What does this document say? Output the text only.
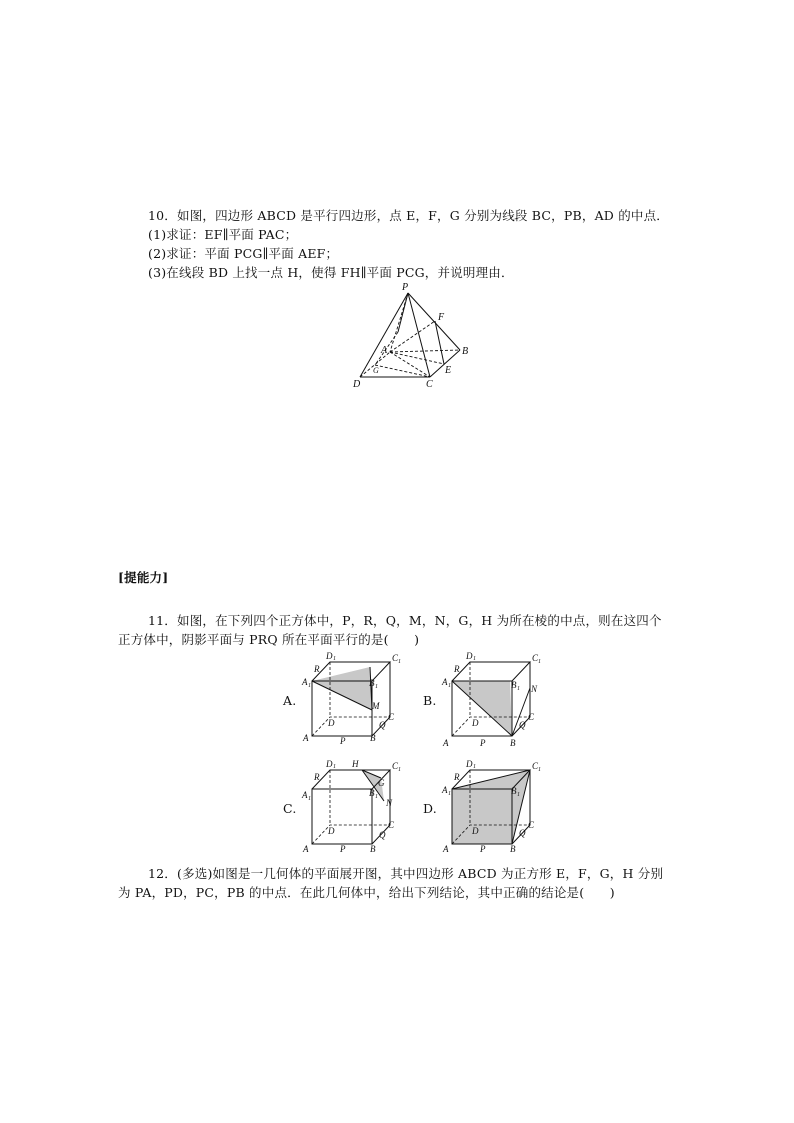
10．如图，四边形 ABCD 是平行四边形，点 E，F，G 分别为线段 BC，PB，AD 的中点．
(1)求证：EF∥平面 PAC；
(2)求证：平面 PCG∥平面 AEF；
(3)在线段 BD 上找一点 H，使得 FH∥平面 PCG，并说明理由．
P
F
A
G
B
E
D	C
[提能力]
11．如图，在下列四个正方体中，P，R，Q，M，N，G，H 为所在棱的中点，则在这四个
正方体中，阴影平面与 PRQ 所在平面平行的是(　　)
A.	B.
C.	D.
D 1	C 1
R
A 1	B 1
M
C
Q
D
A	P	B
D 1	C 1
R
A 1	B 1 N
C
Q
D
A	P	B
D 1 H	C 1
R
A 1
G
B 1
N
C
Q
D
A	P	B
D 1	C 1
R
A 1	B 1
C
Q
D
A	P	B
12．(多选)如图是一几何体的平面展开图，其中四边形 ABCD 为正方形 E，F，G，H 分别
为 PA，PD，PC，PB 的中点．在此几何体中，给出下列结论，其中正确的结论是(　　)
